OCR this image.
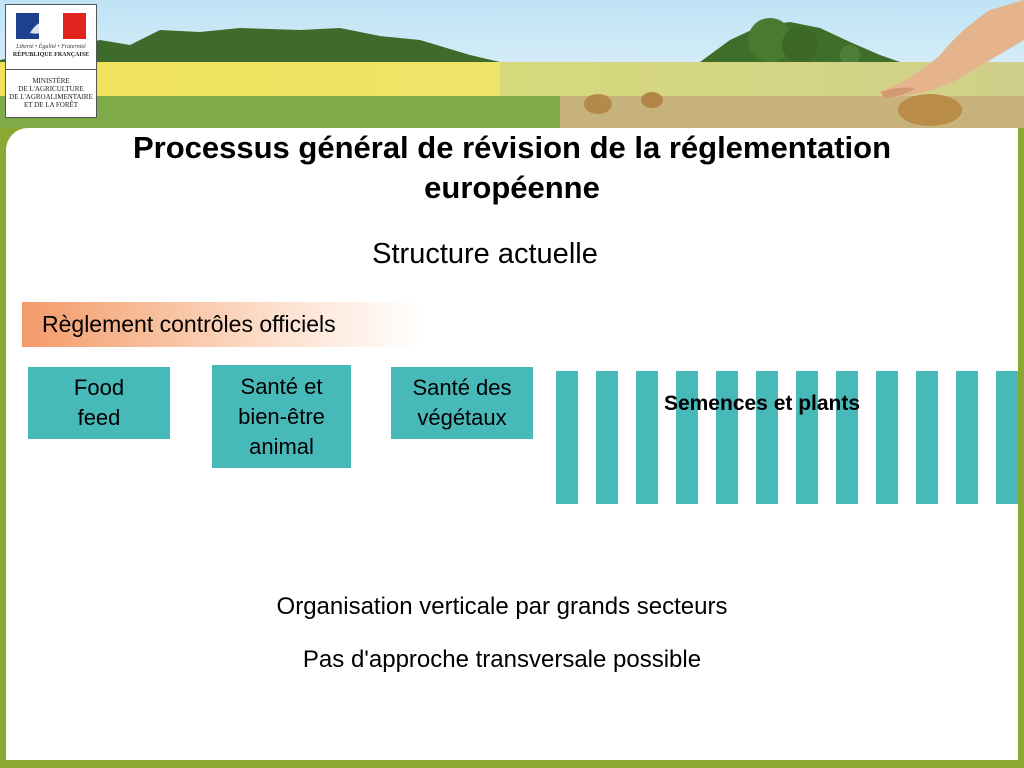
Liberté • Égalité • Fraternité
RÉPUBLIQUE FRANÇAISE
MINISTÈRE
DE L'AGRICULTURE
DE L'AGROALIMENTAIRE
ET DE LA FORÊT
Processus général de révision de la réglementation européenne
Structure actuelle
Règlement contrôles officiels
Food
feed
Santé et
bien-être
animal
Santé des
végétaux
Semences et plants
Organisation verticale par grands secteurs
Pas d'approche transversale possible
